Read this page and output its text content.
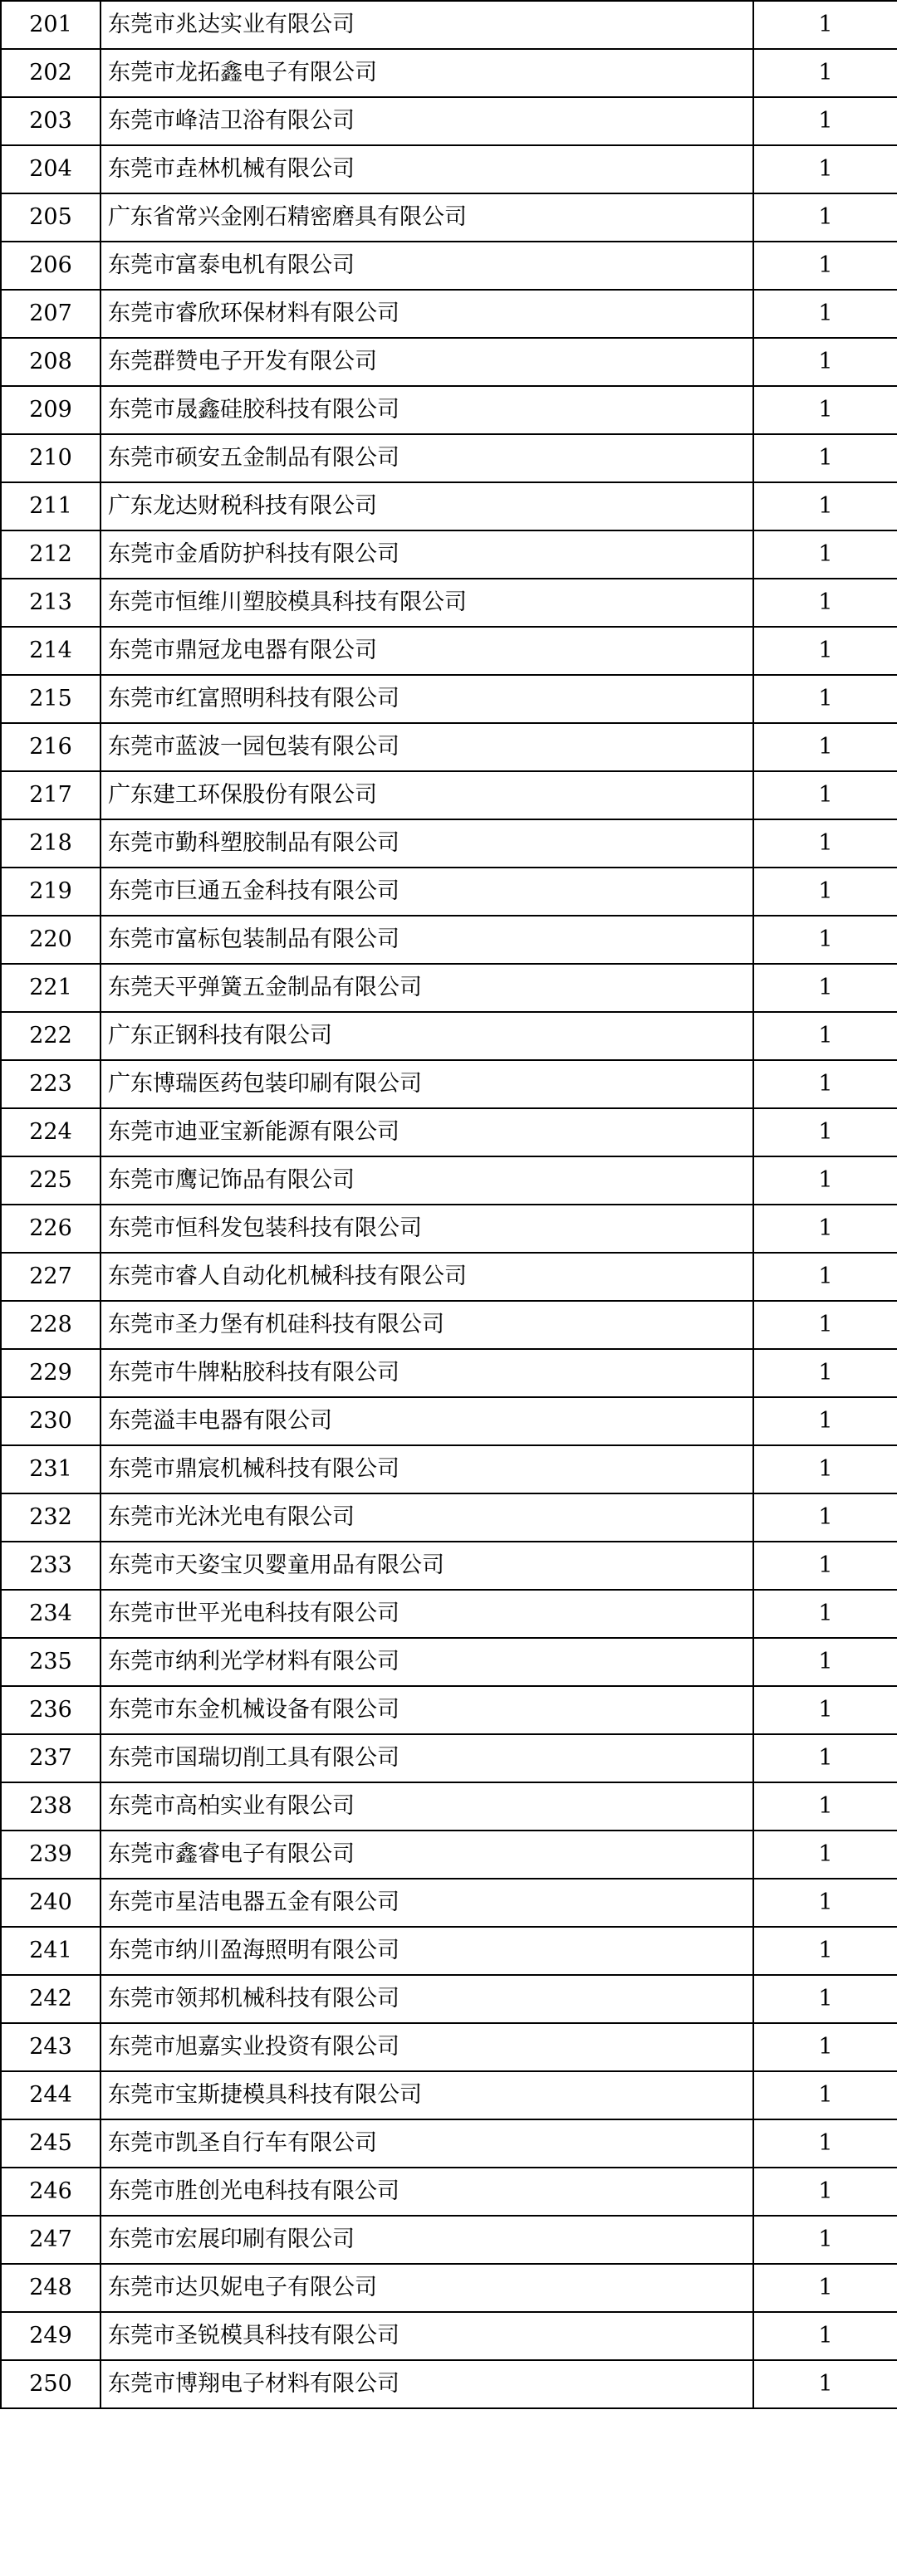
201	东莞市兆达实业有限公司	1
202	东莞市龙拓鑫电子有限公司	1
203	东莞市峰洁卫浴有限公司	1
204	东莞市垚林机械有限公司	1
205	广东省常兴金刚石精密磨具有限公司	1
206	东莞市富泰电机有限公司	1
207	东莞市睿欣环保材料有限公司	1
208	东莞群赞电子开发有限公司	1
209	东莞市晟鑫硅胶科技有限公司	1
210	东莞市硕安五金制品有限公司	1
211	广东龙达财税科技有限公司	1
212	东莞市金盾防护科技有限公司	1
213	东莞市恒维川塑胶模具科技有限公司	1
214	东莞市鼎冠龙电器有限公司	1
215	东莞市红富照明科技有限公司	1
216	东莞市蓝波一园包装有限公司	1
217	广东建工环保股份有限公司	1
218	东莞市勤科塑胶制品有限公司	1
219	东莞市巨通五金科技有限公司	1
220	东莞市富标包装制品有限公司	1
221	东莞天平弹簧五金制品有限公司	1
222	广东正钢科技有限公司	1
223	广东博瑞医药包装印刷有限公司	1
224	东莞市迪亚宝新能源有限公司	1
225	东莞市鹰记饰品有限公司	1
226	东莞市恒科发包装科技有限公司	1
227	东莞市睿人自动化机械科技有限公司	1
228	东莞市圣力堡有机硅科技有限公司	1
229	东莞市牛牌粘胶科技有限公司	1
230	东莞溢丰电器有限公司	1
231	东莞市鼎宸机械科技有限公司	1
232	东莞市光沐光电有限公司	1
233	东莞市天姿宝贝婴童用品有限公司	1
234	东莞市世平光电科技有限公司	1
235	东莞市纳利光学材料有限公司	1
236	东莞市东金机械设备有限公司	1
237	东莞市国瑞切削工具有限公司	1
238	东莞市高柏实业有限公司	1
239	东莞市鑫睿电子有限公司	1
240	东莞市星洁电器五金有限公司	1
241	东莞市纳川盈海照明有限公司	1
242	东莞市领邦机械科技有限公司	1
243	东莞市旭嘉实业投资有限公司	1
244	东莞市宝斯捷模具科技有限公司	1
245	东莞市凯圣自行车有限公司	1
246	东莞市胜创光电科技有限公司	1
247	东莞市宏展印刷有限公司	1
248	东莞市达贝妮电子有限公司	1
249	东莞市圣锐模具科技有限公司	1
250	东莞市博翔电子材料有限公司	1
